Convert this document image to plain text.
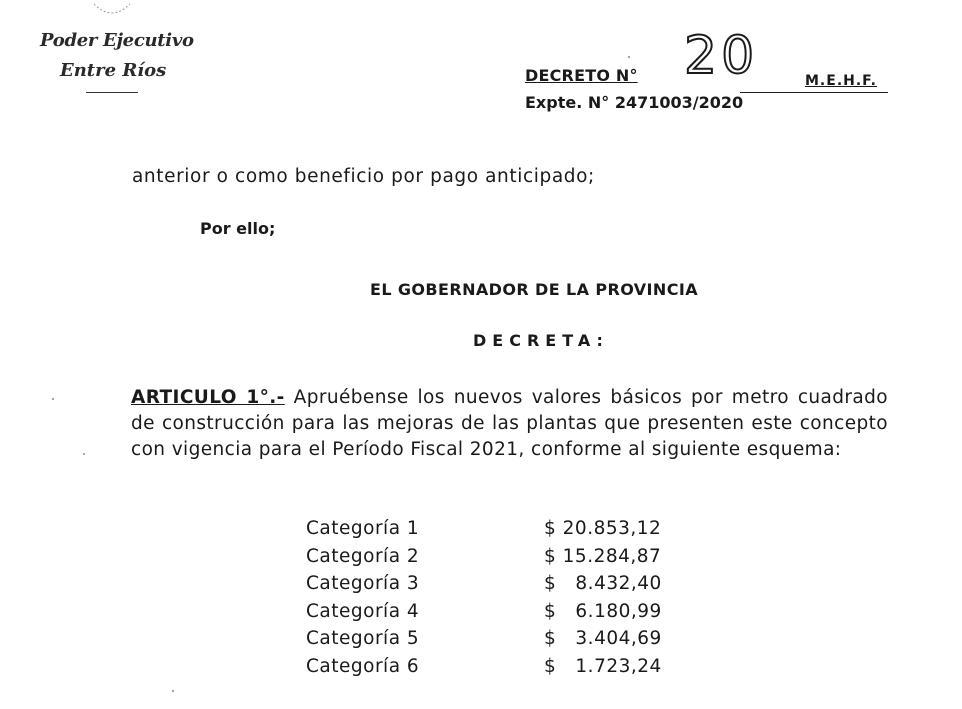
Poder Ejecutivo
Entre Ríos	DECRETO N° 20	M.E.H.F.
Expte. N° 2471003/2020
anterior o como beneficio por pago anticipado;
Por ello;
EL GOBERNADOR DE LA PROVINCIA
DECRETA:
ARTICULO 1°.- Apruébense los nuevos valores básicos por metro cuadrado de construcción para las mejoras de las plantas que presenten este concepto con vigencia para el Período Fiscal 2021, conforme al siguiente esquema:
Categoría 1	$ 20.853,12
Categoría 2	$ 15.284,87
Categoría 3	$   8.432,40
Categoría 4	$   6.180,99
Categoría 5	$   3.404,69
Categoría 6	$   1.723,24
